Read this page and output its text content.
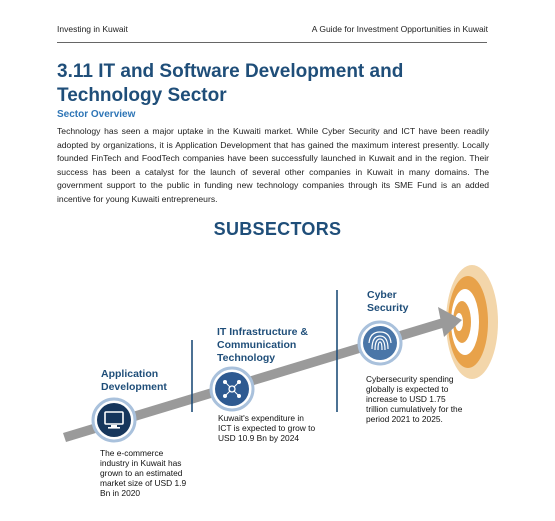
Investing in Kuwait	A Guide for Investment Opportunities in Kuwait
3.11 IT and Software Development and Technology Sector
Sector Overview
Technology has seen a major uptake in the Kuwaiti market. While Cyber Security and ICT have been readily adopted by organizations, it is Application Development that has gained the maximum interest presently. Locally founded FinTech and FoodTech companies have been successfully launched in Kuwait and in the region. Their success has been a catalyst for the launch of several other companies in Kuwait in many domains. The government support to the public in funding new technology companies through its SME Fund is an added incentive for young Kuwaiti entrepreneurs.
SUBSECTORS
Application Development
IT Infrastructure & Communication Technology
Cyber Security
The e-commerce industry in Kuwait has grown to an estimated market size of USD 1.9 Bn in 2020
Kuwait's expenditure in ICT is expected to grow to USD 10.9 Bn by 2024
Cybersecurity spending globally is expected to increase to USD 1.75 trillion cumulatively for the period 2021 to 2025.
